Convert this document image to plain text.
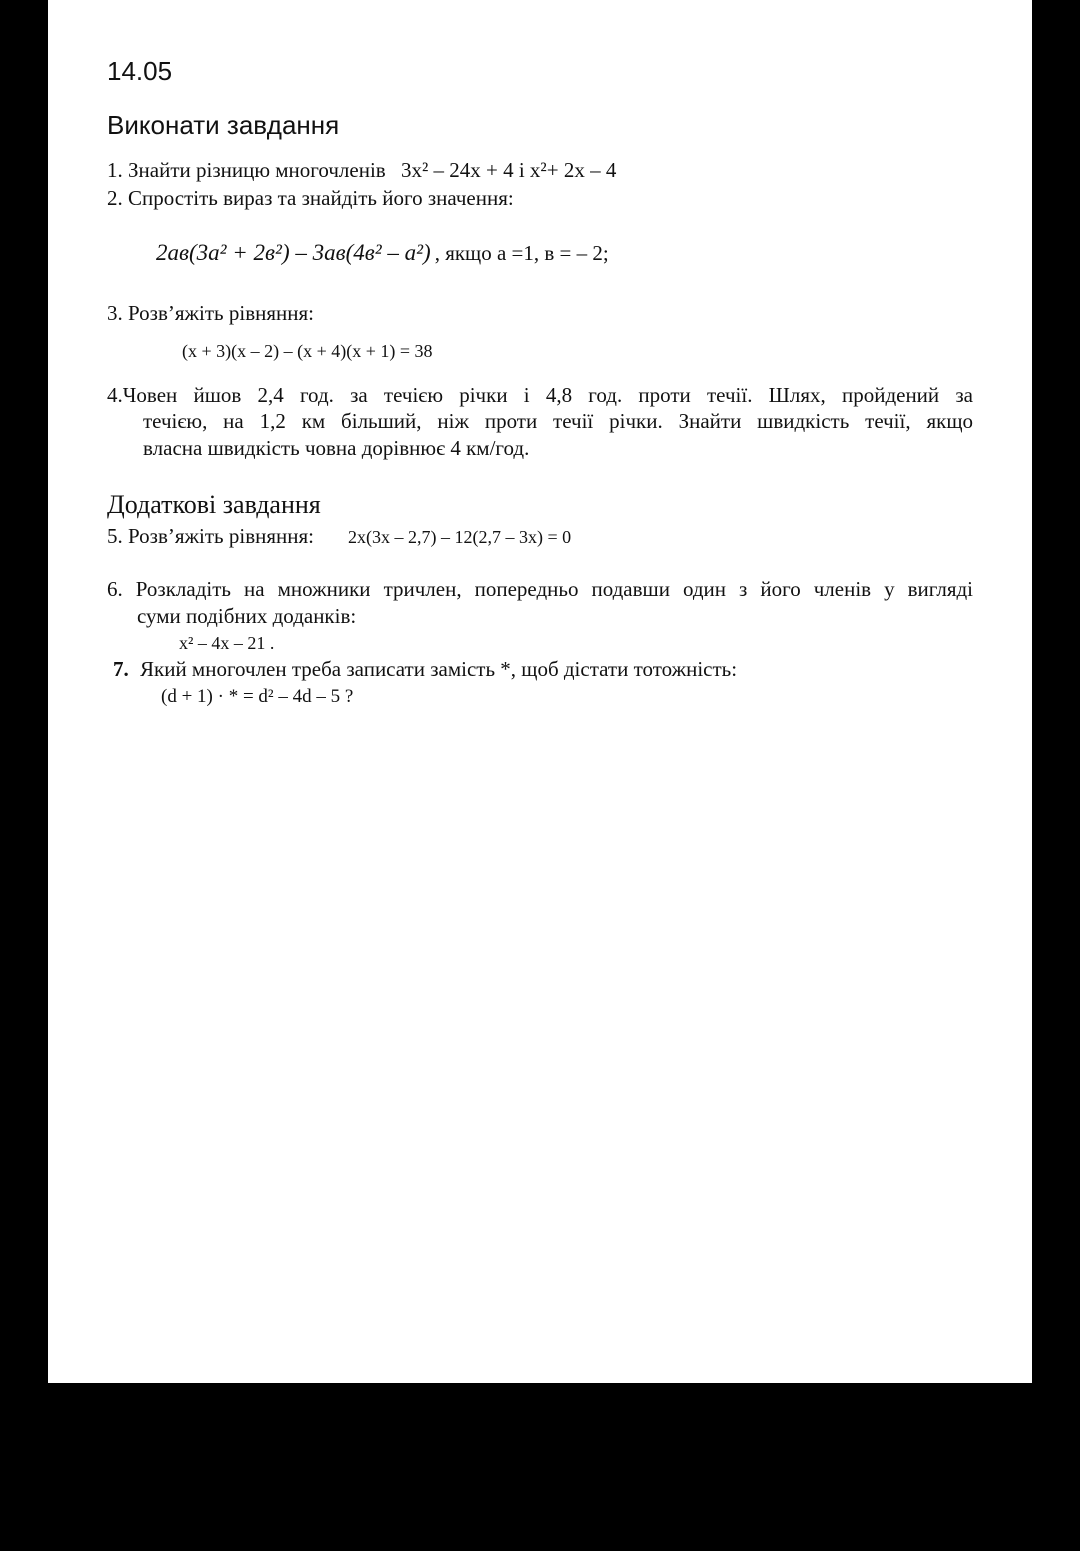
14.05
Виконати завдання
1. Знайти різницю многочленів 3x² – 24x + 4 і x²+ 2x – 4
2. Спростіть вираз та знайдіть його значення:
2ав(3а² + 2в²) – 3ав(4в² – а²) , якщо а =1, в = – 2;
3. Розв’яжіть рівняння:
(x + 3)(x – 2) – (x + 4)(x + 1) = 38
4.Човен йшов 2,4 год. за течією річки і 4,8 год. проти течії. Шлях, пройдений за
течією, на 1,2 км більший, ніж проти течії річки. Знайти швидкість течії, якщо
власна швидкість човна дорівнює 4 км/год.
Додаткові завдання
5. Розв’яжіть рівняння: 2x(3x – 2,7) – 12(2,7 – 3x) = 0
6. Розкладіть на множники тричлен, попередньо подавши один з його членів у вигляді
суми подібних доданків:
x² – 4x – 21 .
7. Який многочлен треба записати замість *, щоб дістати тотожність:
(d + 1) · * = d² – 4d – 5 ?
